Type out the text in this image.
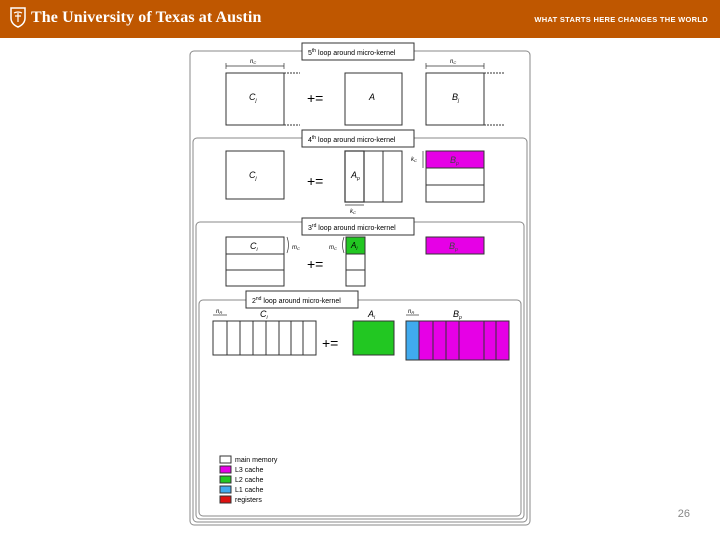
The University of Texas at Austin	WHAT STARTS HERE CHANGES THE WORLD
5th loop around micro-kernel
4th loop around micro-kernel
3rd loop around micro-kernel
2nd loop around micro-kernel
nC
$C_j$	+=	A
nC
$B_j$
$C_j$	+=	$A_p$
kC
kC	$B_p$
$C_i$	mC	mC
+=
$A_i$	$B_p$
nR	$C_i$
+=
$A_i$
nR	$B_p$
main memory
L3 cache
L2 cache
L1 cache
registers
26
